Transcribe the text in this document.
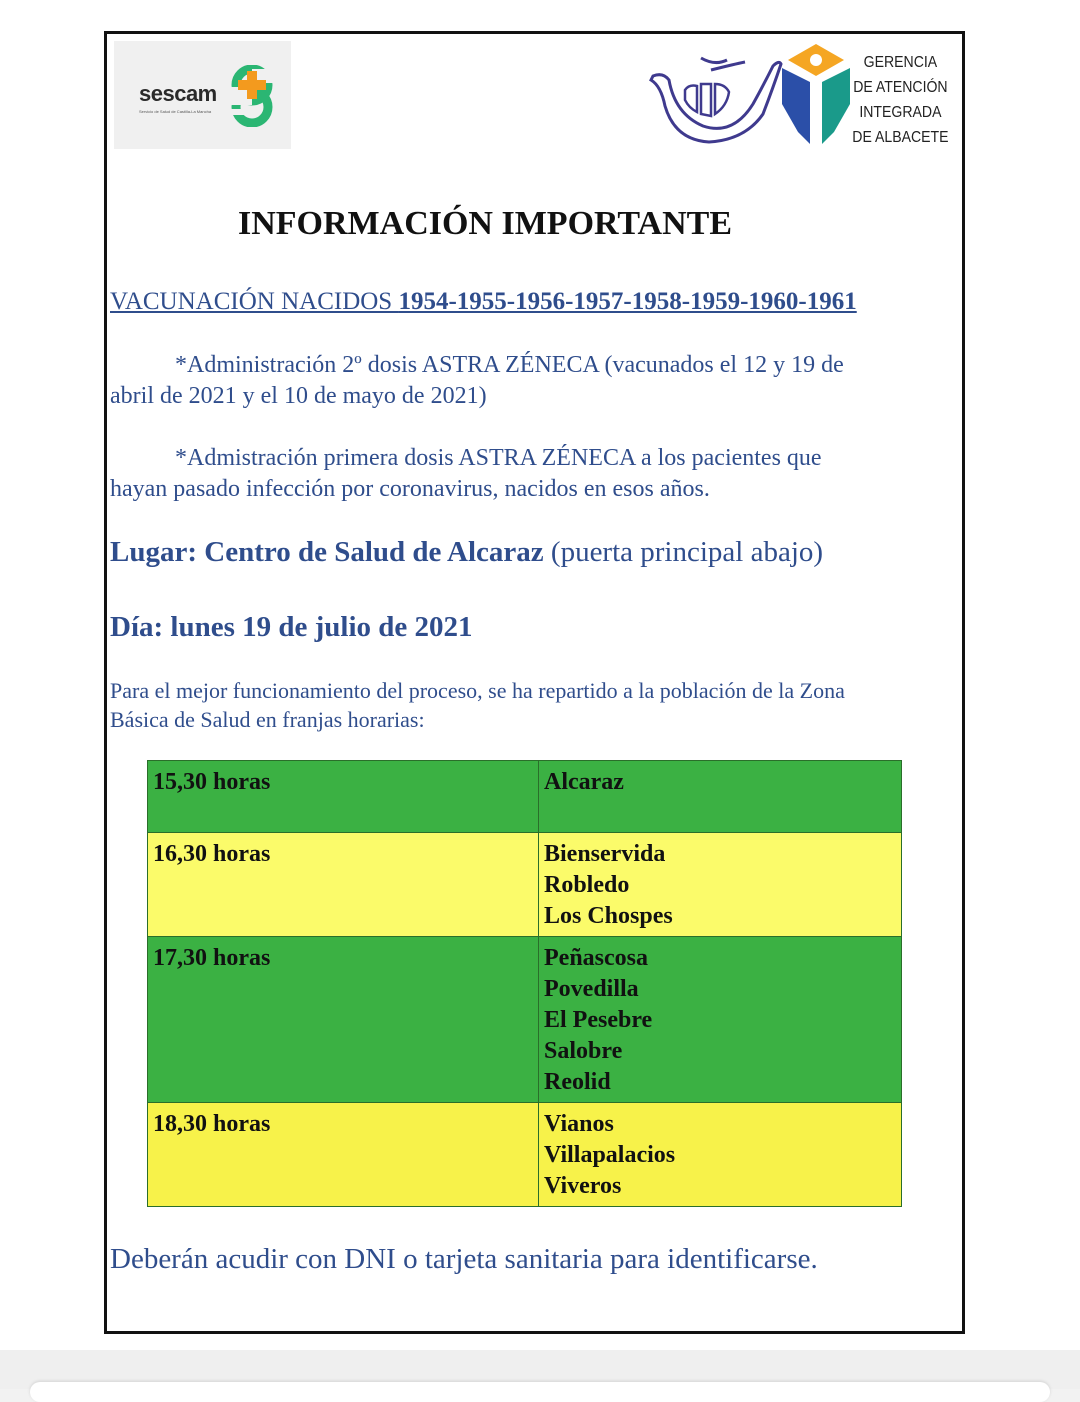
sescam
Servicio de Salud de Castilla-La Mancha
GERENCIA
DE ATENCIÓN
INTEGRADA
DE ALBACETE
INFORMACIÓN IMPORTANTE
VACUNACIÓN NACIDOS 1954-1955-1956-1957-1958-1959-1960-1961
*Administración 2º dosis ASTRA ZÉNECA (vacunados el 12 y 19 de
abril de 2021 y el 10 de mayo de 2021)
*Admistración primera dosis ASTRA ZÉNECA a los pacientes que
hayan pasado infección por coronavirus, nacidos en esos años.
Lugar: Centro de Salud de Alcaraz (puerta principal abajo)
Día: lunes 19 de julio de 2021
Para el mejor funcionamiento del proceso, se ha repartido a la población de la Zona
Básica de Salud en franjas horarias:
15,30 horas	Alcaraz

16,30 horas	Bienservida
Robledo
Los Chospes

17,30 horas	Peñascosa
Povedilla
El Pesebre
Salobre
Reolid

18,30 horas	Vianos
Villapalacios
Viveros
Deberán acudir con DNI o tarjeta sanitaria para identificarse.
